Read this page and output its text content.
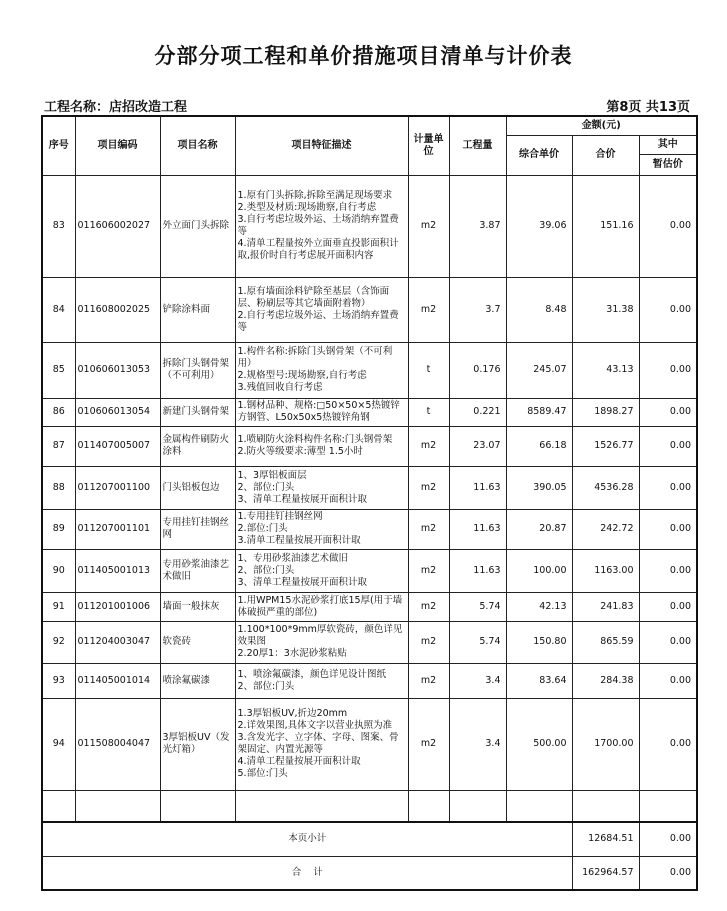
分部分项工程和单价措施项目清单与计价表
工程名称：店招改造工程	第8页 共13页
序号	项目编码	项目名称	项目特征描述	计量单位	工程量	金额(元)		
						综合单价	合价	其中
								暂估价
83	011606002027	外立面门头拆除	1.原有门头拆除,拆除至满足现场要求
2.类型及材质:现场勘察,自行考虑
3.自行考虑垃圾外运、土场消纳弃置费等
4.清单工程量按外立面垂直投影面积计取,报价时自行考虑展开面积内容	m2	3.87	39.06	151.16	0.00
84	011608002025	铲除涂料面	1.原有墙面涂料铲除至基层（含饰面层、粉刷层等其它墙面附着物）
2.自行考虑垃圾外运、土场消纳弃置费等	m2	3.7	8.48	31.38	0.00
85	010606013053	拆除门头钢骨架（不可利用）	1.构件名称:拆除门头钢骨架（不可利用）
2.规格型号:现场勘察,自行考虑
3.残值回收自行考虑	t	0.176	245.07	43.13	0.00
86	010606013054	新建门头钢骨架	1.钢材品种、规格:□50×50×5热镀锌方钢管、L50x50x5热镀锌角钢	t	0.221	8589.47	1898.27	0.00
87	011407005007	金属构件刷防火涂料	1.喷刷防火涂料构件名称:门头钢骨架
2.防火等级要求:薄型 1.5小时	m2	23.07	66.18	1526.77	0.00
88	011207001100	门头铝板包边	1、3厚铝板面层
2、部位:门头
3、清单工程量按展开面积计取	m2	11.63	390.05	4536.28	0.00
89	011207001101	专用挂钉挂钢丝网	1.专用挂钉挂钢丝网
2.部位:门头
3.清单工程量按展开面积计取	m2	11.63	20.87	242.72	0.00
90	011405001013	专用砂浆油漆艺术做旧	1、专用砂浆油漆艺术做旧
2、部位:门头
3、清单工程量按展开面积计取	m2	11.63	100.00	1163.00	0.00
91	011201001006	墙面一般抹灰	1.用WPM15水泥砂浆打底15厚(用于墙体破损严重的部位)	m2	5.74	42.13	241.83	0.00
92	011204003047	软瓷砖	1.100*100*9mm厚软瓷砖，颜色详见效果图
2.20厚1：3水泥砂浆粘贴	m2	5.74	150.80	865.59	0.00
93	011405001014	喷涂氟碳漆	1、喷涂氟碳漆，颜色详见设计图纸
2、部位:门头	m2	3.4	83.64	284.38	0.00
94	011508004047	3厚铝板UV（发光灯箱）	1.3厚铝板UV,折边20mm
2.详效果图,具体文字以营业执照为准
3.含发光字、立字体、字母、图案、骨架固定、内置光源等
4.清单工程量按展开面积计取
5.部位:门头	m2	3.4	500.00	1700.00	0.00

本页小计							12684.51	0.00
合    计							162964.57	0.00
